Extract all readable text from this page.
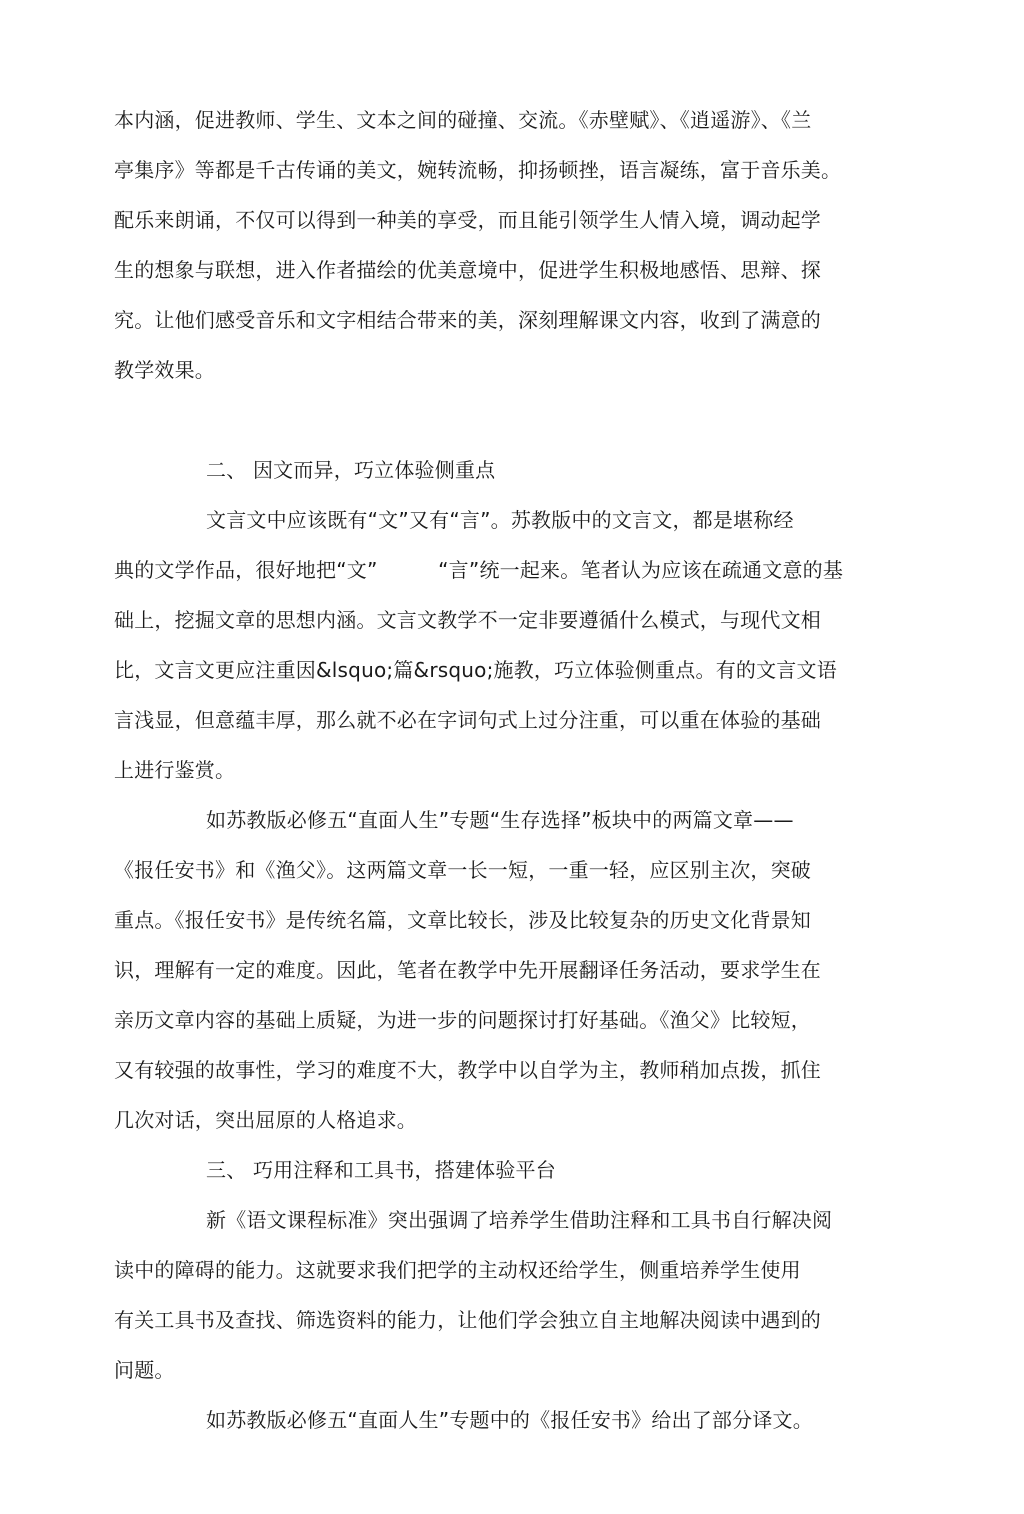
本内涵，促进教师、学生、文本之间的碰撞、交流。《赤壁赋》、《逍遥游》、《兰
亭集序》等都是千古传诵的美文，婉转流畅，抑扬顿挫，语言凝练，富于音乐美。
配乐来朗诵，不仅可以得到一种美的享受，而且能引领学生人情入境，调动起学
生的想象与联想，进入作者描绘的优美意境中，促进学生积极地感悟、思辩、探
究。让他们感受音乐和文字相结合带来的美，深刻理解课文内容，收到了满意的
教学效果。
二、 因文而异，巧立体验侧重点
文言文中应该既有“文”又有“言”。苏教版中的文言文，都是堪称经
典的文学作品，很好地把“文”　　　“言”统一起来。笔者认为应该在疏通文意的基
础上，挖掘文章的思想内涵。文言文教学不一定非要遵循什么模式，与现代文相
比，文言文更应注重因&lsquo;篇&rsquo;施教，巧立体验侧重点。有的文言文语
言浅显，但意蕴丰厚，那么就不必在字词句式上过分注重，可以重在体验的基础
上进行鉴赏。
如苏教版必修五“直面人生”专题“生存选择”板块中的两篇文章——
《报任安书》和《渔父》。这两篇文章一长一短，一重一轻，应区别主次，突破
重点。《报任安书》是传统名篇，文章比较长，涉及比较复杂的历史文化背景知
识，理解有一定的难度。因此，笔者在教学中先开展翻译任务活动，要求学生在
亲历文章内容的基础上质疑，为进一步的问题探讨打好基础。《渔父》比较短，
又有较强的故事性，学习的难度不大，教学中以自学为主，教师稍加点拨，抓住
几次对话，突出屈原的人格追求。
三、 巧用注释和工具书，搭建体验平台
新《语文课程标准》突出强调了培养学生借助注释和工具书自行解决阅
读中的障碍的能力。这就要求我们把学的主动权还给学生，侧重培养学生使用
有关工具书及查找、筛选资料的能力，让他们学会独立自主地解决阅读中遇到的
问题。
如苏教版必修五“直面人生”专题中的《报任安书》给出了部分译文。
